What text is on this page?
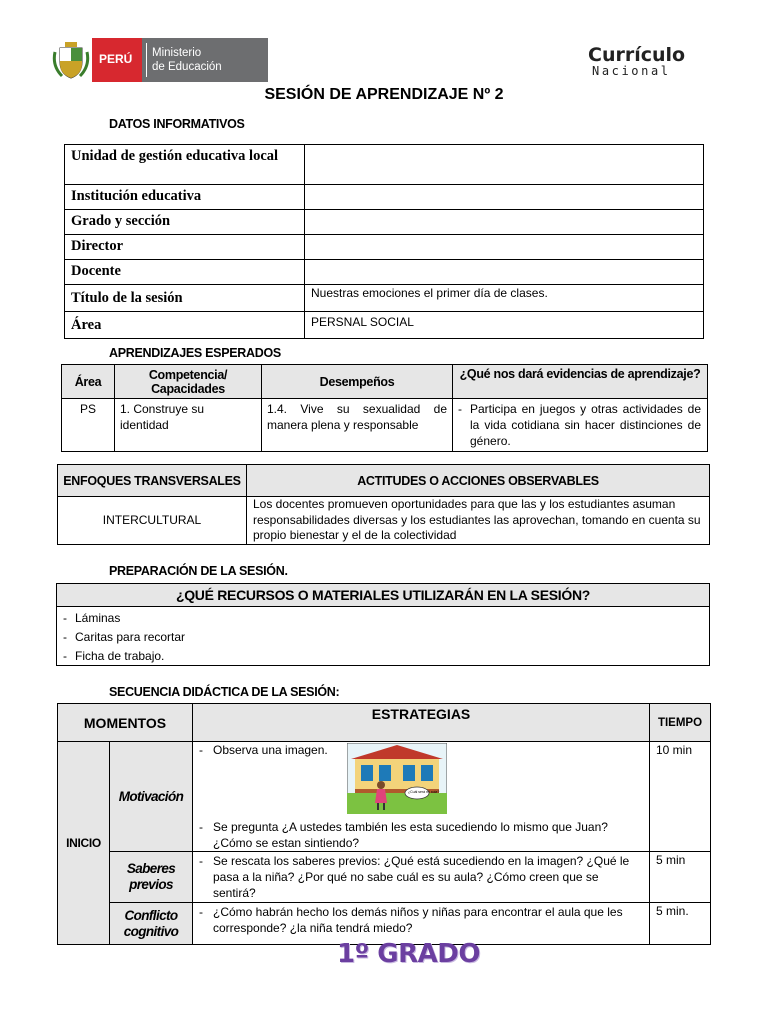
PERÚ Ministerio
de Educación
Currículo
Nacional
SESIÓN DE APRENDIZAJE Nº 2
DATOS INFORMATIVOS
Unidad de gestión educativa local	
Institución educativa	
Grado y sección	
Director	
Docente	
Título de la sesión	Nuestras emociones el primer día de clases.
Área	PERSNAL SOCIAL
APRENDIZAJES ESPERADOS
Área	Competencia/ Capacidades	Desempeños	¿Qué nos dará evidencias de aprendizaje?
PS	1. Construye su identidad	1.4. Vive su sexualidad de manera plena y responsable	- Participa en juegos y otras actividades de la vida cotidiana sin hacer distinciones de género.
ENFOQUES TRANSVERSALES	ACTITUDES O ACCIONES OBSERVABLES
INTERCULTURAL	Los docentes promueven oportunidades para que las y los estudiantes asuman responsabilidades diversas y los estudiantes las aprovechan, tomando en cuenta su propio bienestar y el de la colectividad
PREPARACIÓN DE LA SESIÓN.
¿QUÉ RECURSOS O MATERIALES UTILIZARÁN EN LA SESIÓN?
- Láminas
- Caritas para recortar
- Ficha de trabajo.
SECUENCIA DIDÁCTICA DE LA SESIÓN:
MOMENTOS		ESTRATEGIAS	TIEMPO
INICIO	Motivación	- Observa una imagen.
¿Cuál será mi aula?
- Se pregunta ¿A ustedes también les esta sucediendo lo mismo que Juan? ¿Cómo se estan sintiendo?	10 min
	Saberes previos	- Se rescata los saberes previos: ¿Qué está sucediendo en la imagen? ¿Qué le pasa a la niña? ¿Por qué no sabe cuál es su aula? ¿Cómo creen que se sentirá?	5 min
	Conflicto cognitivo	- ¿Cómo habrán hecho los demás niños y niñas para encontrar el aula que les corresponde? ¿la niña tendrá miedo?	5 min.
1º GRADO
